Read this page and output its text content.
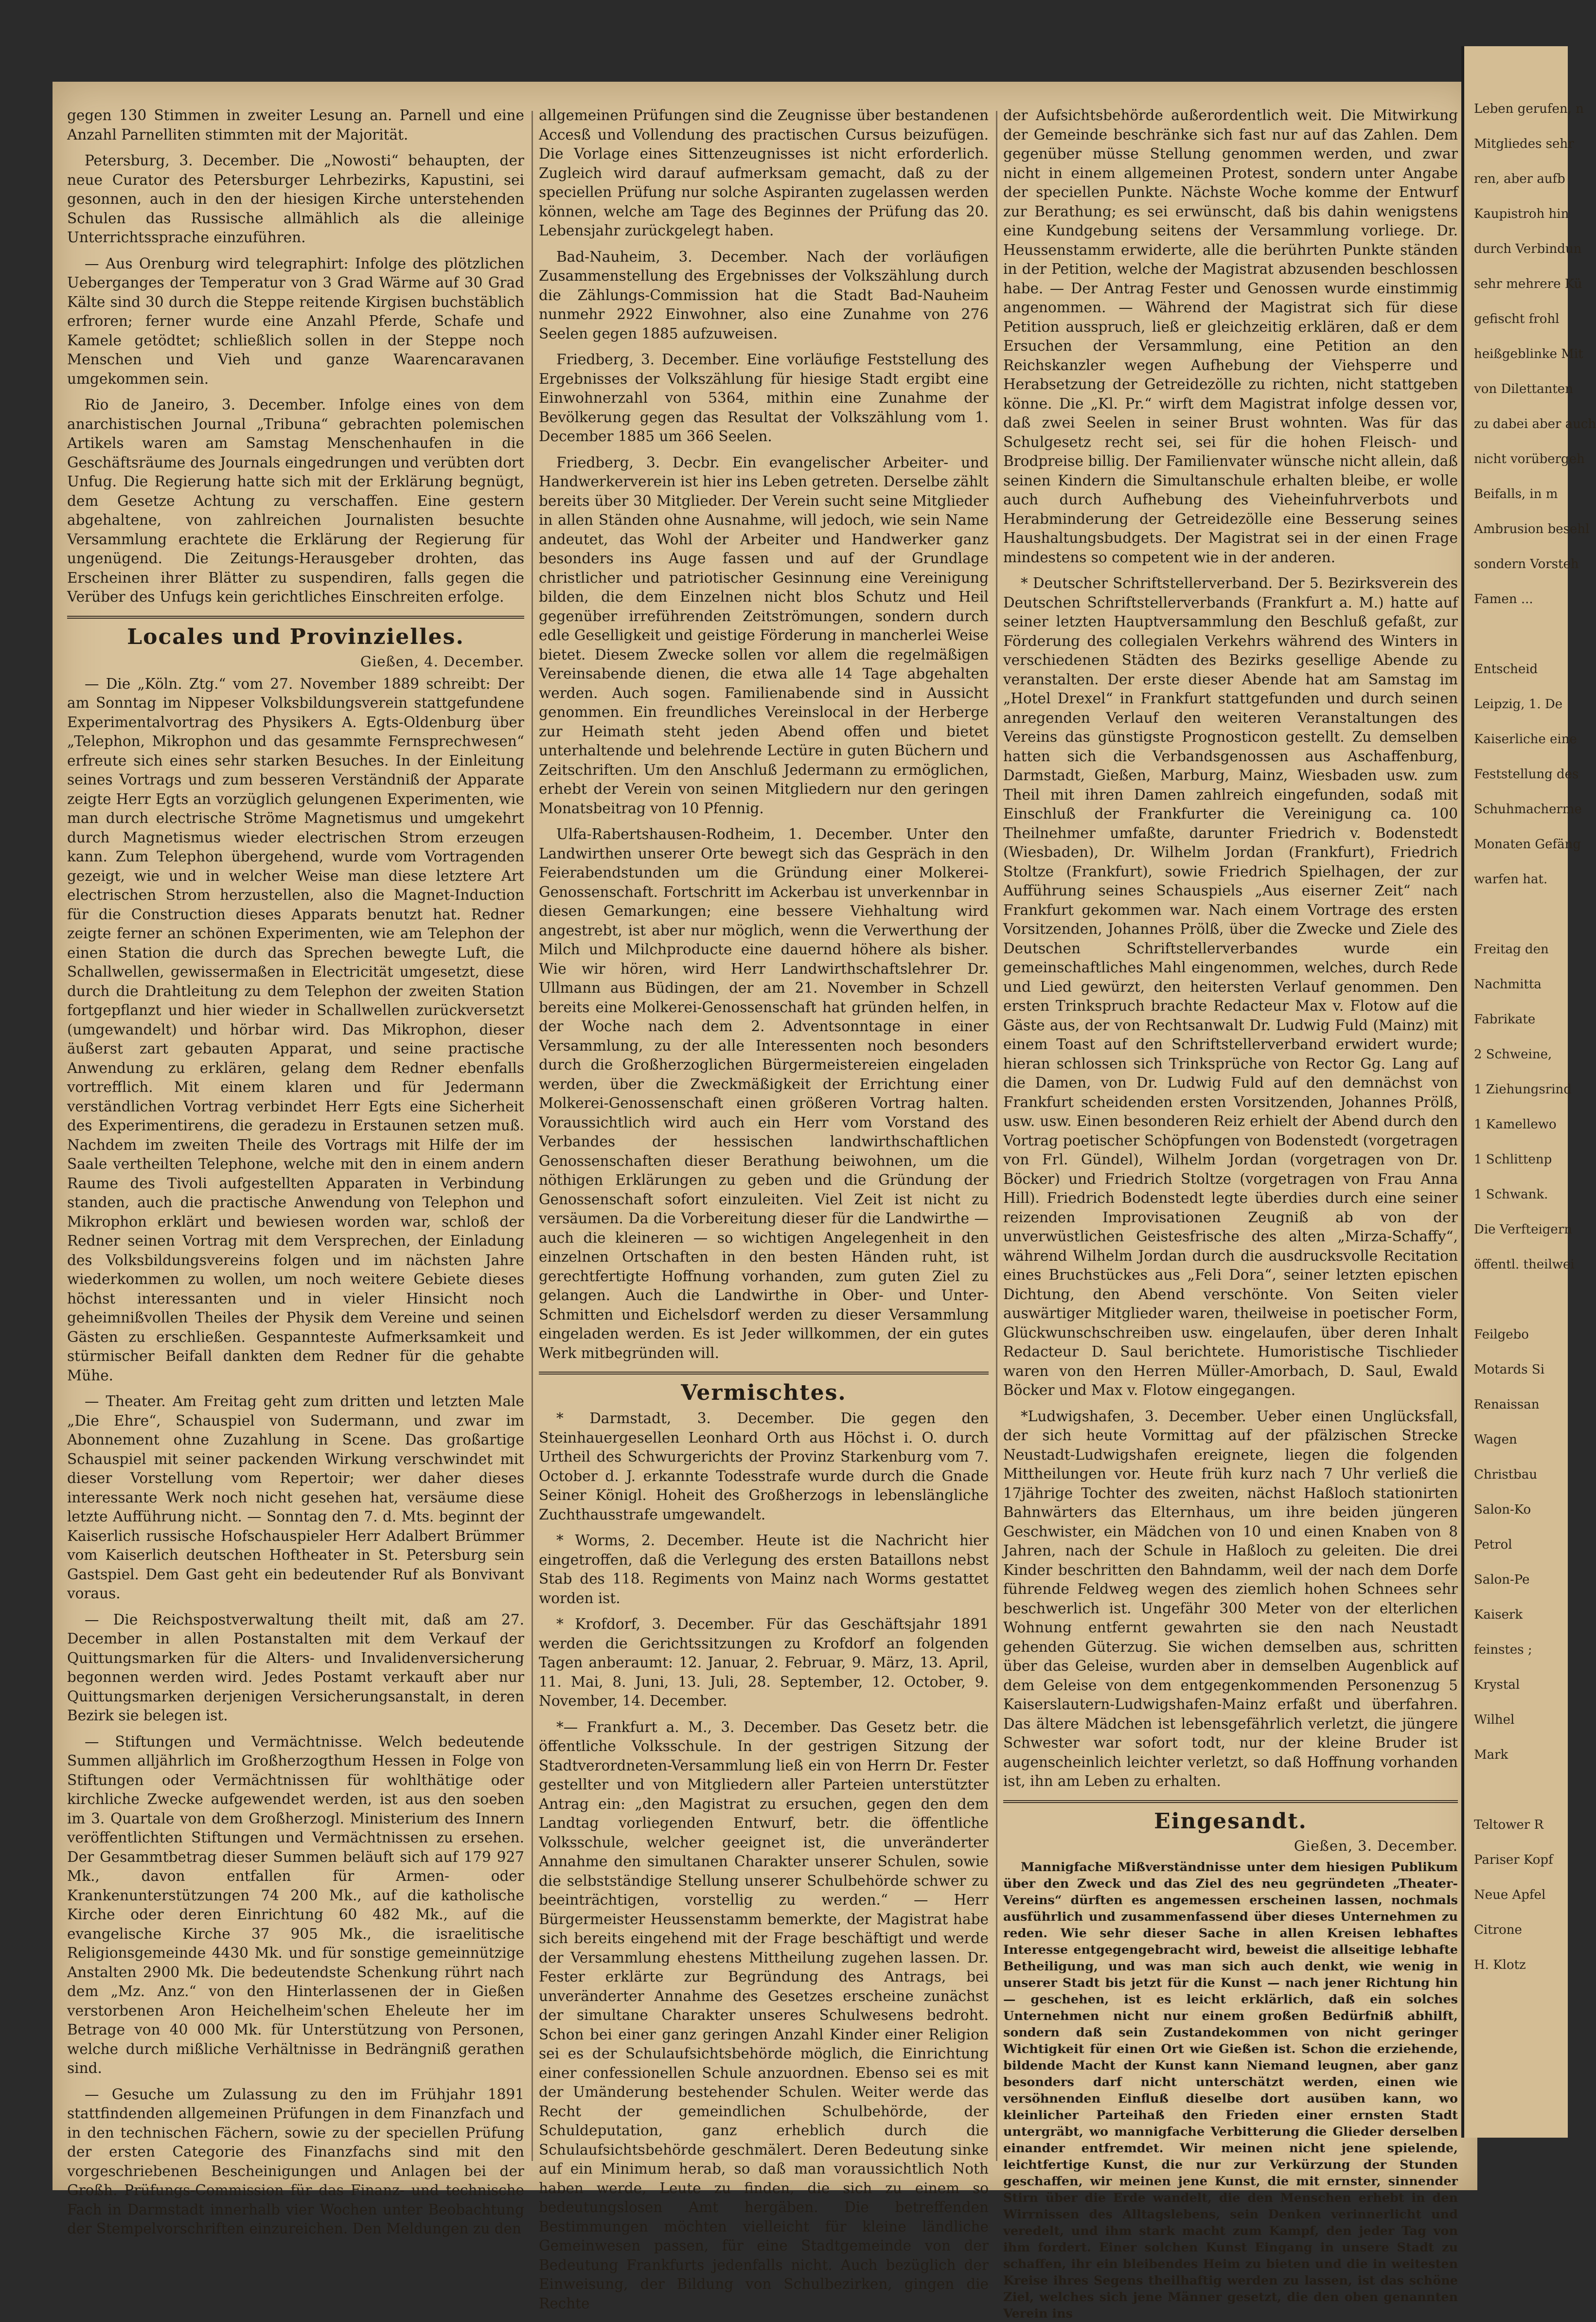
gegen 130 Stimmen in zweiter Lesung an. Parnell und eine Anzahl Parnelliten stimmten mit der Majorität.

Petersburg, 3. December. Die „Nowosti“ behaupten, der neue Curator des Petersburger Lehrbezirks, Kapustini, sei gesonnen, auch in den der hiesigen Kirche unterstehenden Schulen das Russische allmählich als die alleinige Unterrichtssprache einzuführen.

— Aus Orenburg wird telegraphirt: Infolge des plötzlichen Ueberganges der Temperatur von 3 Grad Wärme auf 30 Grad Kälte sind 30 durch die Steppe reitende Kirgisen buchstäblich erfroren; ferner wurde eine Anzahl Pferde, Schafe und Kamele getödtet; schließlich sollen in der Steppe noch Menschen und Vieh und ganze Waarencaravanen umgekommen sein.

Rio de Janeiro, 3. December. Infolge eines von dem anarchistischen Journal „Tribuna“ gebrachten polemischen Artikels waren am Samstag Menschenhaufen in die Geschäftsräume des Journals eingedrungen und verübten dort Unfug. Die Regierung hatte sich mit der Erklärung begnügt, dem Gesetze Achtung zu verschaffen. Eine gestern abgehaltene, von zahlreichen Journalisten besuchte Versammlung erachtete die Erklärung der Regierung für ungenügend. Die Zeitungs-Herausgeber drohten, das Erscheinen ihrer Blätter zu suspendiren, falls gegen die Verüber des Unfugs kein gerichtliches Einschreiten erfolge.

Locales und Provinzielles.
Gießen, 4. December.

— Die „Köln. Ztg.“ vom 27. November 1889 schreibt: Der am Sonntag im Nippeser Volksbildungsverein stattgefundene Experimentalvortrag des Physikers A. Egts-Oldenburg über „Telephon, Mikrophon und das gesammte Fernsprechwesen“ erfreute sich eines sehr starken Besuches. In der Einleitung seines Vortrags und zum besseren Verständniß der Apparate zeigte Herr Egts an vorzüglich gelungenen Experimenten, wie man durch electrische Ströme Magnetismus und umgekehrt durch Magnetismus wieder electrischen Strom erzeugen kann. Zum Telephon übergehend, wurde vom Vortragenden gezeigt, wie und in welcher Weise man diese letztere Art electrischen Strom herzustellen, also die Magnet-Induction für die Construction dieses Apparats benutzt hat. Redner zeigte ferner an schönen Experimenten, wie am Telephon der einen Station die durch das Sprechen bewegte Luft, die Schallwellen, gewissermaßen in Electricität umgesetzt, diese durch die Drahtleitung zu dem Telephon der zweiten Station fortgepflanzt und hier wieder in Schallwellen zurückversetzt (umgewandelt) und hörbar wird. Das Mikrophon, dieser äußerst zart gebauten Apparat, und seine practische Anwendung zu erklären, gelang dem Redner ebenfalls vortrefflich. Mit einem klaren und für Jedermann verständlichen Vortrag verbindet Herr Egts eine Sicherheit des Experimentirens, die geradezu in Erstaunen setzen muß. Nachdem im zweiten Theile des Vortrags mit Hilfe der im Saale vertheilten Telephone, welche mit den in einem andern Raume des Tivoli aufgestellten Apparaten in Verbindung standen, auch die practische Anwendung von Telephon und Mikrophon erklärt und bewiesen worden war, schloß der Redner seinen Vortrag mit dem Versprechen, der Einladung des Volksbildungsvereins folgen und im nächsten Jahre wiederkommen zu wollen, um noch weitere Gebiete dieses höchst interessanten und in vieler Hinsicht noch geheimnißvollen Theiles der Physik dem Vereine und seinen Gästen zu erschließen. Gespannteste Aufmerksamkeit und stürmischer Beifall dankten dem Redner für die gehabte Mühe.

— Theater. Am Freitag geht zum dritten und letzten Male „Die Ehre“, Schauspiel von Sudermann, und zwar im Abonnement ohne Zuzahlung in Scene. Das großartige Schauspiel mit seiner packenden Wirkung verschwindet mit dieser Vorstellung vom Repertoir; wer daher dieses interessante Werk noch nicht gesehen hat, versäume diese letzte Aufführung nicht. — Sonntag den 7. d. Mts. beginnt der Kaiserlich russische Hofschauspieler Herr Adalbert Brümmer vom Kaiserlich deutschen Hoftheater in St. Petersburg sein Gastspiel. Dem Gast geht ein bedeutender Ruf als Bonvivant voraus.

— Die Reichspostverwaltung theilt mit, daß am 27. December in allen Postanstalten mit dem Verkauf der Quittungsmarken für die Alters- und Invalidenversicherung begonnen werden wird. Jedes Postamt verkauft aber nur Quittungsmarken derjenigen Versicherungsanstalt, in deren Bezirk sie belegen ist.

— Stiftungen und Vermächtnisse. Welch bedeutende Summen alljährlich im Großherzogthum Hessen in Folge von Stiftungen oder Vermächtnissen für wohlthätige oder kirchliche Zwecke aufgewendet werden, ist aus den soeben im 3. Quartale von dem Großherzogl. Ministerium des Innern veröffentlichten Stiftungen und Vermächtnissen zu ersehen. Der Gesammtbetrag dieser Summen beläuft sich auf 179 927 Mk., davon entfallen für Armen- oder Krankenunterstützungen 74 200 Mk., auf die katholische Kirche oder deren Einrichtung 60 482 Mk., auf die evangelische Kirche 37 905 Mk., die israelitische Religionsgemeinde 4430 Mk. und für sonstige gemeinnützige Anstalten 2900 Mk. Die bedeutendste Schenkung rührt nach dem „Mz. Anz.“ von den Hinterlassenen der in Gießen verstorbenen Aron Heichelheim'schen Eheleute her im Betrage von 40 000 Mk. für Unterstützung von Personen, welche durch mißliche Verhältnisse in Bedrängniß gerathen sind.

— Gesuche um Zulassung zu den im Frühjahr 1891 stattfindenden allgemeinen Prüfungen in dem Finanzfach und in den technischen Fächern, sowie zu der speciellen Prüfung der ersten Categorie des Finanzfachs sind mit den vorgeschriebenen Bescheinigungen und Anlagen bei der Großh. Prüfungs-Commission für das Finanz- und technische Fach in Darmstadt innerhalb vier Wochen unter Beobachtung der Stempelvorschriften einzureichen. Den Meldungen zu den

allgemeinen Prüfungen sind die Zeugnisse über bestandenen Accesß und Vollendung des practischen Cursus beizufügen. Die Vorlage eines Sittenzeugnisses ist nicht erforderlich. Zugleich wird darauf aufmerksam gemacht, daß zu der speciellen Prüfung nur solche Aspiranten zugelassen werden können, welche am Tage des Beginnes der Prüfung das 20. Lebensjahr zurückgelegt haben.

Bad-Nauheim, 3. December. Nach der vorläufigen Zusammenstellung des Ergebnisses der Volkszählung durch die Zählungs-Commission hat die Stadt Bad-Nauheim nunmehr 2922 Einwohner, also eine Zunahme von 276 Seelen gegen 1885 aufzuweisen.

Friedberg, 3. December. Eine vorläufige Feststellung des Ergebnisses der Volkszählung für hiesige Stadt ergibt eine Einwohnerzahl von 5364, mithin eine Zunahme der Bevölkerung gegen das Resultat der Volkszählung vom 1. December 1885 um 366 Seelen.

Friedberg, 3. Decbr. Ein evangelischer Arbeiter- und Handwerkerverein ist hier ins Leben getreten. Derselbe zählt bereits über 30 Mitglieder. Der Verein sucht seine Mitglieder in allen Ständen ohne Ausnahme, will jedoch, wie sein Name andeutet, das Wohl der Arbeiter und Handwerker ganz besonders ins Auge fassen und auf der Grundlage christlicher und patriotischer Gesinnung eine Vereinigung bilden, die dem Einzelnen nicht blos Schutz und Heil gegenüber irreführenden Zeitströmungen, sondern durch edle Geselligkeit und geistige Förderung in mancherlei Weise bietet. Diesem Zwecke sollen vor allem die regelmäßigen Vereinsabende dienen, die etwa alle 14 Tage abgehalten werden. Auch sogen. Familienabende sind in Aussicht genommen. Ein freundliches Vereinslocal in der Herberge zur Heimath steht jeden Abend offen und bietet unterhaltende und belehrende Lectüre in guten Büchern und Zeitschriften. Um den Anschluß Jedermann zu ermöglichen, erhebt der Verein von seinen Mitgliedern nur den geringen Monatsbeitrag von 10 Pfennig.

Ulfa-Rabertshausen-Rodheim, 1. December. Unter den Landwirthen unserer Orte bewegt sich das Gespräch in den Feierabendstunden um die Gründung einer Molkerei-Genossenschaft. Fortschritt im Ackerbau ist unverkennbar in diesen Gemarkungen; eine bessere Viehhaltung wird angestrebt, ist aber nur möglich, wenn die Verwerthung der Milch und Milchproducte eine dauernd höhere als bisher. Wie wir hören, wird Herr Landwirthschaftslehrer Dr. Ullmann aus Büdingen, der am 21. November in Schzell bereits eine Molkerei-Genossenschaft hat gründen helfen, in der Woche nach dem 2. Adventsonntage in einer Versammlung, zu der alle Interessenten noch besonders durch die Großherzoglichen Bürgermeistereien eingeladen werden, über die Zweckmäßigkeit der Errichtung einer Molkerei-Genossenschaft einen größeren Vortrag halten. Voraussichtlich wird auch ein Herr vom Vorstand des Verbandes der hessischen landwirthschaftlichen Genossenschaften dieser Berathung beiwohnen, um die nöthigen Erklärungen zu geben und die Gründung der Genossenschaft sofort einzuleiten. Viel Zeit ist nicht zu versäumen. Da die Vorbereitung dieser für die Landwirthe — auch die kleineren — so wichtigen Angelegenheit in den einzelnen Ortschaften in den besten Händen ruht, ist gerechtfertigte Hoffnung vorhanden, zum guten Ziel zu gelangen. Auch die Landwirthe in Ober- und Unter-Schmitten und Eichelsdorf werden zu dieser Versammlung eingeladen werden. Es ist Jeder willkommen, der ein gutes Werk mitbegründen will.

Vermischtes.

* Darmstadt, 3. December. Die gegen den Steinhauergesellen Leonhard Orth aus Höchst i. O. durch Urtheil des Schwurgerichts der Provinz Starkenburg vom 7. October d. J. erkannte Todesstrafe wurde durch die Gnade Seiner Königl. Hoheit des Großherzogs in lebenslängliche Zuchthausstrafe umgewandelt.

* Worms, 2. December. Heute ist die Nachricht hier eingetroffen, daß die Verlegung des ersten Bataillons nebst Stab des 118. Regiments von Mainz nach Worms gestattet worden ist.

* Krofdorf, 3. December. Für das Geschäftsjahr 1891 werden die Gerichtssitzungen zu Krofdorf an folgenden Tagen anberaumt: 12. Januar, 2. Februar, 9. März, 13. April, 11. Mai, 8. Juni, 13. Juli, 28. September, 12. October, 9. November, 14. December.

*— Frankfurt a. M., 3. December. Das Gesetz betr. die öffentliche Volksschule. In der gestrigen Sitzung der Stadtverordneten-Versammlung ließ ein von Herrn Dr. Fester gestellter und von Mitgliedern aller Parteien unterstützter Antrag ein: „den Magistrat zu ersuchen, gegen den dem Landtag vorliegenden Entwurf, betr. die öffentliche Volksschule, welcher geeignet ist, die unveränderter Annahme den simultanen Charakter unserer Schulen, sowie die selbstständige Stellung unserer Schulbehörde schwer zu beeinträchtigen, vorstellig zu werden.“ — Herr Bürgermeister Heussenstamm bemerkte, der Magistrat habe sich bereits eingehend mit der Frage beschäftigt und werde der Versammlung ehestens Mittheilung zugehen lassen. Dr. Fester erklärte zur Begründung des Antrags, bei unveränderter Annahme des Gesetzes erscheine zunächst der simultane Charakter unseres Schulwesens bedroht. Schon bei einer ganz geringen Anzahl Kinder einer Religion sei es der Schulaufsichtsbehörde möglich, die Einrichtung einer confessionellen Schule anzuordnen. Ebenso sei es mit der Umänderung bestehender Schulen. Weiter werde das Recht der gemeindlichen Schulbehörde, der Schuldeputation, ganz erheblich durch die Schulaufsichtsbehörde geschmälert. Deren Bedeutung sinke auf ein Minimum herab, so daß man voraussichtlich Noth haben werde, Leute zu finden, die sich zu einem so bedeutungslosen Amt hergäben. Die betreffenden Bestimmungen möchten vielleicht für kleine ländliche Gemeinwesen passen, für eine Stadtgemeinde von der Bedeutung Frankfurts jedenfalls nicht. Auch bezüglich der Einweisung, der Bildung von Schulbezirken, gingen die Rechte

der Aufsichtsbehörde außerordentlich weit. Die Mitwirkung der Gemeinde beschränke sich fast nur auf das Zahlen. Dem gegenüber müsse Stellung genommen werden, und zwar nicht in einem allgemeinen Protest, sondern unter Angabe der speciellen Punkte. Nächste Woche komme der Entwurf zur Berathung; es sei erwünscht, daß bis dahin wenigstens eine Kundgebung seitens der Versammlung vorliege. Dr. Heussenstamm erwiderte, alle die berührten Punkte ständen in der Petition, welche der Magistrat abzusenden beschlossen habe. — Der Antrag Fester und Genossen wurde einstimmig angenommen. — Während der Magistrat sich für diese Petition ausspruch, ließ er gleichzeitig erklären, daß er dem Ersuchen der Versammlung, eine Petition an den Reichskanzler wegen Aufhebung der Viehsperre und Herabsetzung der Getreidezölle zu richten, nicht stattgeben könne. Die „Kl. Pr.“ wirft dem Magistrat infolge dessen vor, daß zwei Seelen in seiner Brust wohnten. Was für das Schulgesetz recht sei, sei für die hohen Fleisch- und Brodpreise billig. Der Familienvater wünsche nicht allein, daß seinen Kindern die Simultanschule erhalten bleibe, er wolle auch durch Aufhebung des Vieheinfuhrverbots und Herabminderung der Getreidezölle eine Besserung seines Haushaltungsbudgets. Der Magistrat sei in der einen Frage mindestens so competent wie in der anderen.

* Deutscher Schriftstellerverband. Der 5. Bezirksverein des Deutschen Schriftstellerverbands (Frankfurt a. M.) hatte auf seiner letzten Hauptversammlung den Beschluß gefaßt, zur Förderung des collegialen Verkehrs während des Winters in verschiedenen Städten des Bezirks gesellige Abende zu veranstalten. Der erste dieser Abende hat am Samstag im „Hotel Drexel“ in Frankfurt stattgefunden und durch seinen anregenden Verlauf den weiteren Veranstaltungen des Vereins das günstigste Prognosticon gestellt. Zu demselben hatten sich die Verbandsgenossen aus Aschaffenburg, Darmstadt, Gießen, Marburg, Mainz, Wiesbaden usw. zum Theil mit ihren Damen zahlreich eingefunden, sodaß mit Einschluß der Frankfurter die Vereinigung ca. 100 Theilnehmer umfaßte, darunter Friedrich v. Bodenstedt (Wiesbaden), Dr. Wilhelm Jordan (Frankfurt), Friedrich Stoltze (Frankfurt), sowie Friedrich Spielhagen, der zur Aufführung seines Schauspiels „Aus eiserner Zeit“ nach Frankfurt gekommen war. Nach einem Vortrage des ersten Vorsitzenden, Johannes Prölß, über die Zwecke und Ziele des Deutschen Schriftstellerverbandes wurde ein gemeinschaftliches Mahl eingenommen, welches, durch Rede und Lied gewürzt, den heitersten Verlauf genommen. Den ersten Trinkspruch brachte Redacteur Max v. Flotow auf die Gäste aus, der von Rechtsanwalt Dr. Ludwig Fuld (Mainz) mit einem Toast auf den Schriftstellerverband erwidert wurde; hieran schlossen sich Trinksprüche von Rector Gg. Lang auf die Damen, von Dr. Ludwig Fuld auf den demnächst von Frankfurt scheidenden ersten Vorsitzenden, Johannes Prölß, usw. usw. Einen besonderen Reiz erhielt der Abend durch den Vortrag poetischer Schöpfungen von Bodenstedt (vorgetragen von Frl. Gündel), Wilhelm Jordan (vorgetragen von Dr. Böcker) und Friedrich Stoltze (vorgetragen von Frau Anna Hill). Friedrich Bodenstedt legte überdies durch eine seiner reizenden Improvisationen Zeugniß ab von der unverwüstlichen Geistesfrische des alten „Mirza-Schaffy“, während Wilhelm Jordan durch die ausdrucksvolle Recitation eines Bruchstückes aus „Feli Dora“, seiner letzten epischen Dichtung, den Abend verschönte. Von Seiten vieler auswärtiger Mitglieder waren, theilweise in poetischer Form, Glückwunschschreiben usw. eingelaufen, über deren Inhalt Redacteur D. Saul berichtete. Humoristische Tischlieder waren von den Herren Müller-Amorbach, D. Saul, Ewald Böcker und Max v. Flotow eingegangen.

*Ludwigshafen, 3. December. Ueber einen Unglücksfall, der sich heute Vormittag auf der pfälzischen Strecke Neustadt-Ludwigshafen ereignete, liegen die folgenden Mittheilungen vor. Heute früh kurz nach 7 Uhr verließ die 17jährige Tochter des zweiten, nächst Haßloch stationirten Bahnwärters das Elternhaus, um ihre beiden jüngeren Geschwister, ein Mädchen von 10 und einen Knaben von 8 Jahren, nach der Schule in Haßloch zu geleiten. Die drei Kinder beschritten den Bahndamm, weil der nach dem Dorfe führende Feldweg wegen des ziemlich hohen Schnees sehr beschwerlich ist. Ungefähr 300 Meter von der elterlichen Wohnung entfernt gewahrten sie den nach Neustadt gehenden Güterzug. Sie wichen demselben aus, schritten über das Geleise, wurden aber in demselben Augenblick auf dem Geleise von dem entgegenkommenden Personenzug 5 Kaiserslautern-Ludwigshafen-Mainz erfaßt und überfahren. Das ältere Mädchen ist lebensgefährlich verletzt, die jüngere Schwester war sofort todt, nur der kleine Bruder ist augenscheinlich leichter verletzt, so daß Hoffnung vorhanden ist, ihn am Leben zu erhalten.

Eingesandt.
Gießen, 3. December.

Mannigfache Mißverständnisse unter dem hiesigen Publikum über den Zweck und das Ziel des neu gegründeten „Theater-Vereins“ dürften es angemessen erscheinen lassen, nochmals ausführlich und zusammenfassend über dieses Unternehmen zu reden. Wie sehr dieser Sache in allen Kreisen lebhaftes Interesse entgegengebracht wird, beweist die allseitige lebhafte Betheiligung, und was man sich auch denkt, wie wenig in unserer Stadt bis jetzt für die Kunst — nach jener Richtung hin — geschehen, ist es leicht erklärlich, daß ein solches Unternehmen nicht nur einem großen Bedürfniß abhilft, sondern daß sein Zustandekommen von nicht geringer Wichtigkeit für einen Ort wie Gießen ist. Schon die erziehende, bildende Macht der Kunst kann Niemand leugnen, aber ganz besonders darf nicht unterschätzt werden, einen wie versöhnenden Einfluß dieselbe dort ausüben kann, wo kleinlicher Parteihaß den Frieden einer ernsten Stadt untergräbt, wo mannigfache Verbitterung die Glieder derselben einander entfremdet. Wir meinen nicht jene spielende, leichtfertige Kunst, die nur zur Verkürzung der Stunden geschaffen, wir meinen jene Kunst, die mit ernster, sinnender Stirn über die Erde wandelt, die den Menschen erhebt in den Wirrnissen des Alltagslebens, sein Denken verinnerlicht und veredelt, und ihm stark macht zum Kampf, den jeder Tag von ihm fordert. Einer solchen Kunst Eingang in unsere Stadt zu schaffen, ihr ein bleibendes Heim zu bieten und die in weitesten Kreise ihres Segens theilhaftig werden zu lassen, ist das schöne Ziel, welches sich jene Männer gesetzt, die den oben genannten Verein ins

Leben gerufen, n
Mitgliedes sehr
ren, aber aufb
Kaupistroh hin
durch Verbindun
sehr mehrere Kü
gefischt frohl
heißgeblinke Mit
von Dilettanten
zu dabei aber auch
nicht vorübergeh
Beifalls, in m
Ambrusion besehl
sondern Vorsteh
Famen ...
Entscheid
Leipzig, 1. De
Kaiserliche eine
Feststellung des
Schuhmacherme
Monaten Gefäng
warfen hat.
Freitag den
Nachmitta
Fabrikate
2 Schweine,
1 Ziehungsrind
1 Kamellewo
1 Schlittenp
1 Schwank.
Die Verfteigern
öffentl. theilwei
Feilgebo
Motards Si
Renaissan
Wagen
Christbau
Salon-Ko
Petrol
Salon-Pe
Kaiserk
feinstes ;
Krystal
Wilhel
Mark
Teltower R
Pariser Kopf
Neue Apfel
Citrone
H. Klotz
